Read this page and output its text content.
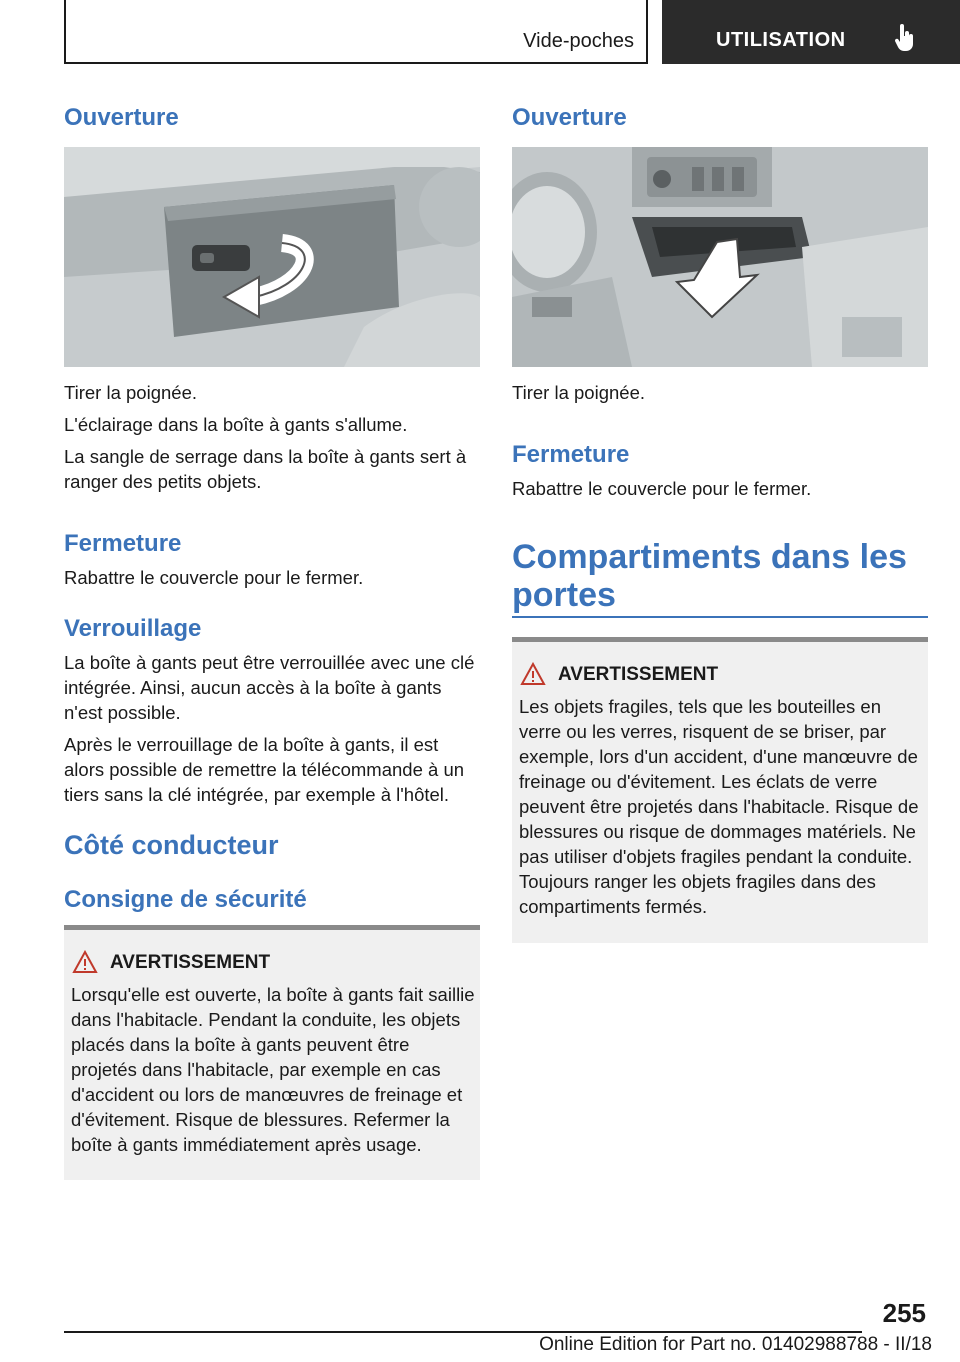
Vide-poches	UTILISATION
Ouverture

Tirer la poignée.

L'éclairage dans la boîte à gants s'allume.

La sangle de serrage dans la boîte à gants sert à ranger des petits objets.

Fermeture

Rabattre le couvercle pour le fermer.

Verrouillage

La boîte à gants peut être verrouillée avec une clé intégrée. Ainsi, aucun accès à la boîte à gants n'est possible.

Après le verrouillage de la boîte à gants, il est alors possible de remettre la télécommande à un tiers sans la clé intégrée, par exemple à l'hôtel.

Côté conducteur
Consigne de sécurité
AVERTISSEMENT

Lorsqu'elle est ouverte, la boîte à gants fait saillie dans l'habitacle. Pendant la conduite, les objets placés dans la boîte à gants peuvent être projetés dans l'habitacle, par exemple en cas d'accident ou lors de manœuvres de freinage et d'évitement. Risque de blessures. Refermer la boîte à gants immédiatement après usage.

Ouverture

Tirer la poignée.

Fermeture

Rabattre le couvercle pour le fermer.

Compartiments dans les portes
AVERTISSEMENT

Les objets fragiles, tels que les bouteilles en verre ou les verres, risquent de se briser, par exemple, lors d'un accident, d'une manœuvre de freinage ou d'évitement. Les éclats de verre peuvent être projetés dans l'habitacle. Risque de blessures ou risque de dommages matériels. Ne pas utiliser d'objets fragiles pendant la conduite. Toujours ranger les objets fragiles dans des compartiments fermés.

255
Online Edition for Part no. 01402988788 - II/18
